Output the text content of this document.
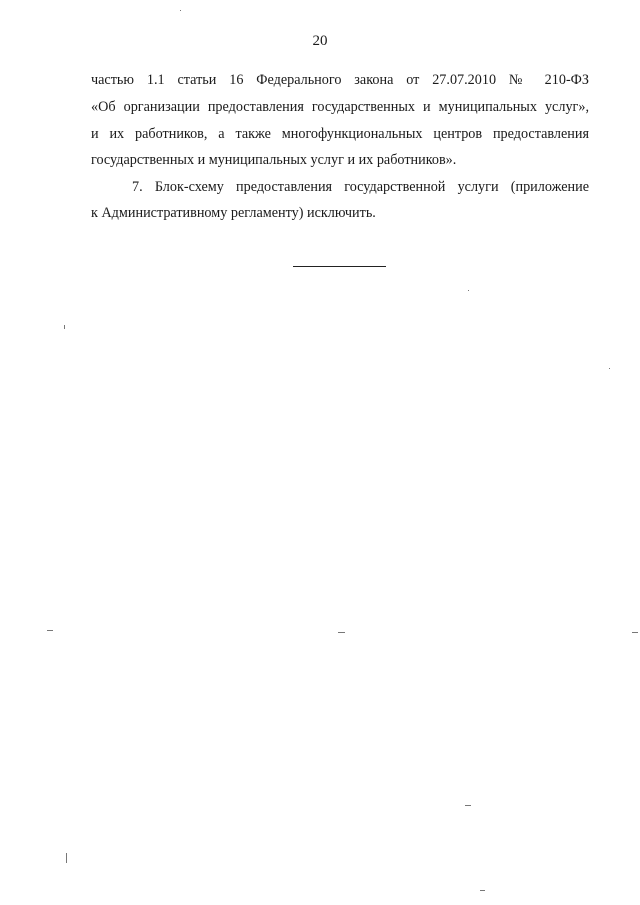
20
частью 1.1 статьи 16 Федерального закона от 27.07.2010 № 210-ФЗ
«Об организации предоставления государственных и муниципальных услуг»,
и их работников, а также многофункциональных центров предоставления
государственных и муниципальных услуг и их работников».
7. Блок-схему предоставления государственной услуги (приложение
к Административному регламенту) исключить.
